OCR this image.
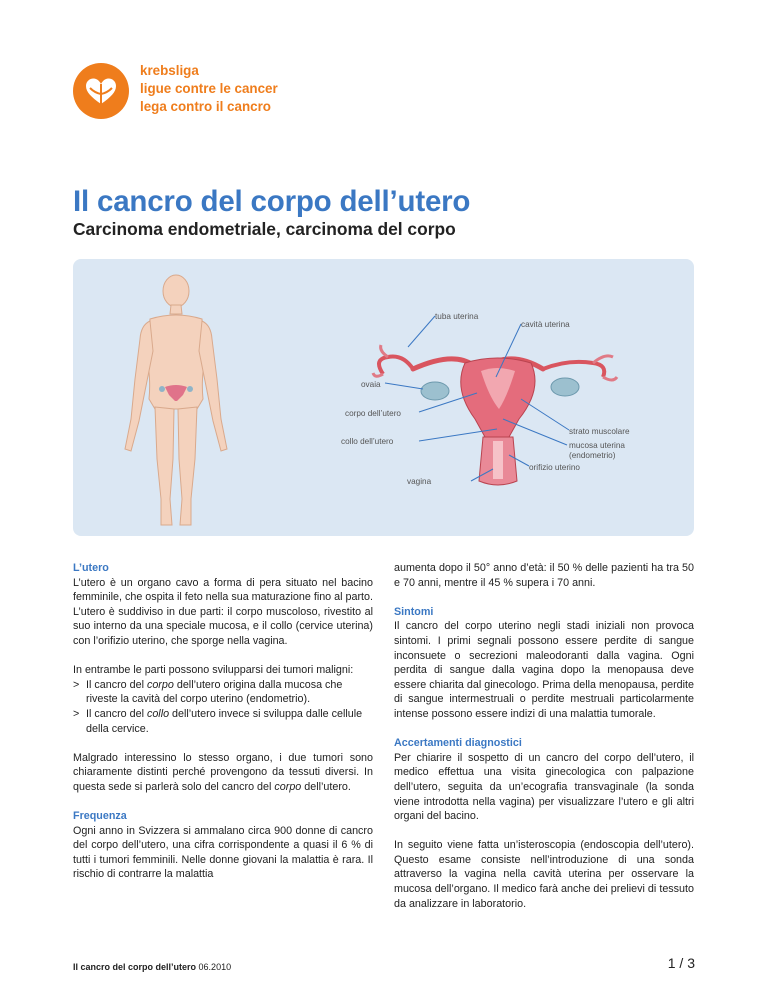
krebsliga
ligue contre le cancer
lega contro il cancro
Il cancro del corpo dell’utero
Carcinoma endometriale, carcinoma del corpo
tuba uterina
cavità uterina
ovaia
corpo dell’utero
collo dell’utero
vagina
strato muscolare
mucosa uterina
(endometrio)
orifizio uterino
L’utero

L’utero è un organo cavo a forma di pera situato nel bacino femminile, che ospita il feto nella sua maturazione fino al parto. L’utero è suddiviso in due parti: il corpo muscoloso, rivestito al suo interno da una speciale mucosa, e il collo (cervice uterina) con l’orifizio uterino, che sporge nella vagina.

In entrambe le parti possono svilupparsi dei tumori maligni:

> Il cancro del corpo dell’utero origina dalla mucosa che riveste la cavità del corpo uterino (endometrio).
> Il cancro del collo dell’utero invece si sviluppa dalle cellule della cervice.

Malgrado interessino lo stesso organo, i due tumori sono chiaramente distinti perché provengono da tessuti diversi. In questa sede si parlerà solo del cancro del corpo dell’utero.

Frequenza

Ogni anno in Svizzera si ammalano circa 900 donne di cancro del corpo dell’utero, una cifra corrispondente a quasi il 6 % di tutti i tumori femminili. Nelle donne giovani la malattia è rara. Il rischio di contrarre la malattia

aumenta dopo il 50° anno d’età: il 50 % delle pazienti ha tra 50 e 70 anni, mentre il 45 % supera i 70 anni.

Sintomi

Il cancro del corpo uterino negli stadi iniziali non provoca sintomi. I primi segnali possono essere perdite di sangue inconsuete o secrezioni maleodoranti dalla vagina. Ogni perdita di sangue dalla vagina dopo la menopausa deve essere chiarita dal ginecologo. Prima della menopausa, perdite di sangue intermestruali o perdite mestruali particolarmente intense possono essere indizi di una malattia tumorale.

Accertamenti diagnostici

Per chiarire il sospetto di un cancro del corpo dell’utero, il medico effettua una visita ginecologica con palpazione dell’utero, seguita da un’ecografia transvaginale (la sonda viene introdotta nella vagina) per visualizzare l’utero e gli altri organi del bacino.

In seguito viene fatta un’isteroscopia (endoscopia dell’utero). Questo esame consiste nell’introduzione di una sonda attraverso la vagina nella cavità uterina per osservare la mucosa dell’organo. Il medico farà anche dei prelievi di tessuto da analizzare in laboratorio.

Il cancro del corpo dell’utero 06.2010	1 / 3
